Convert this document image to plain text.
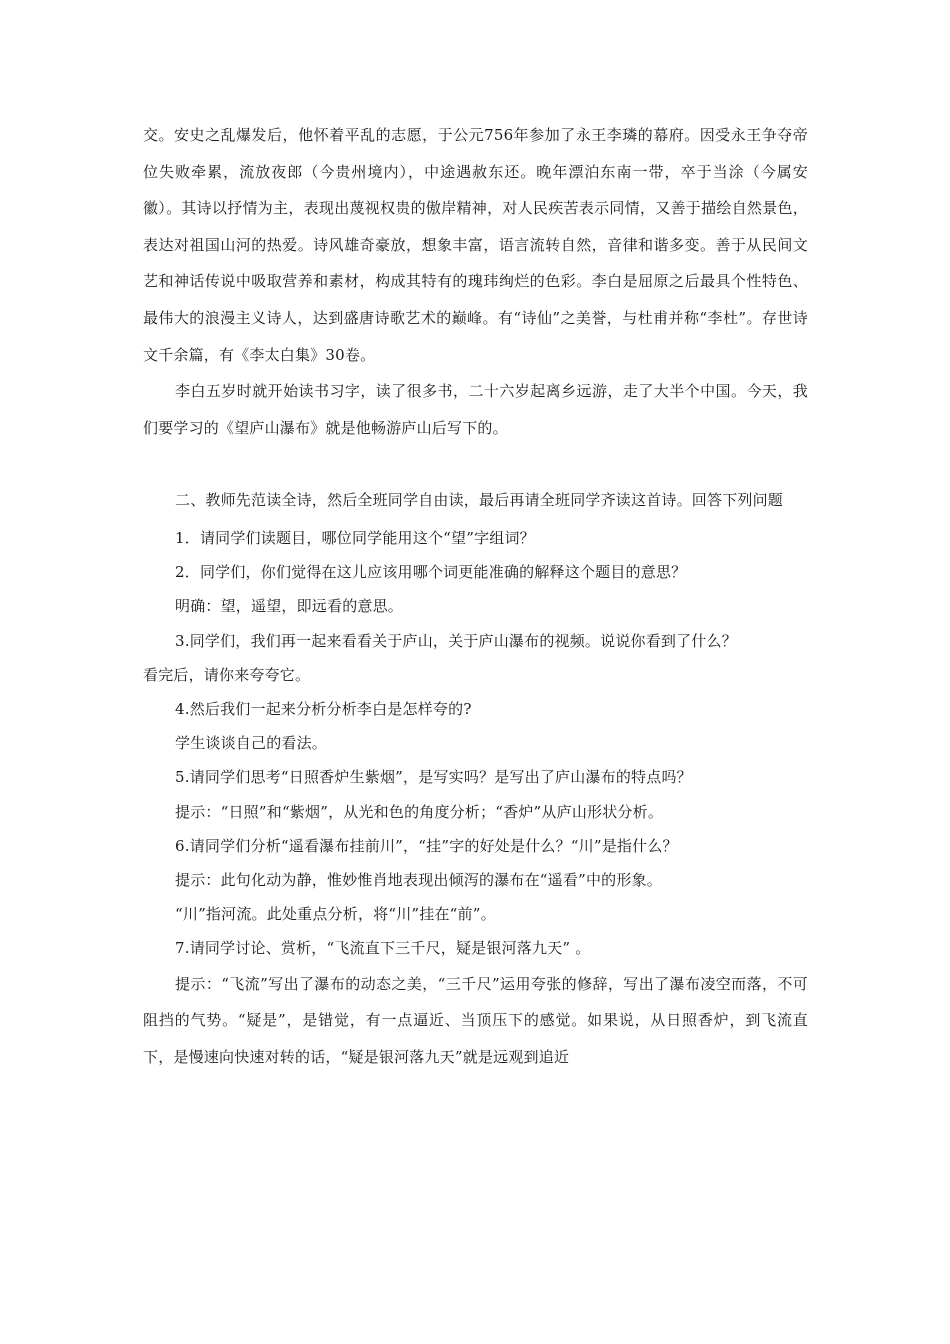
交。安史之乱爆发后，他怀着平乱的志愿，于公元756年参加了永王李璘的幕府。因受永王争夺帝位失败牵累，流放夜郎（今贵州境内），中途遇赦东还。晚年漂泊东南一带，卒于当涂（今属安徽）。其诗以抒情为主，表现出蔑视权贵的傲岸精神，对人民疾苦表示同情，又善于描绘自然景色，表达对祖国山河的热爱。诗风雄奇豪放，想象丰富，语言流转自然，音律和谐多变。善于从民间文艺和神话传说中吸取营养和素材，构成其特有的瑰玮绚烂的色彩。李白是屈原之后最具个性特色、最伟大的浪漫主义诗人，达到盛唐诗歌艺术的巅峰。有“诗仙”之美誉，与杜甫并称“李杜”。存世诗文千余篇，有《李太白集》30卷。

李白五岁时就开始读书习字，读了很多书，二十六岁起离乡远游，走了大半个中国。今天，我们要学习的《望庐山瀑布》就是他畅游庐山后写下的。

二、教师先范读全诗，然后全班同学自由读，最后再请全班同学齐读这首诗。回答下列问题

1．请同学们读题目，哪位同学能用这个“望”字组词？

2．同学们，你们觉得在这儿应该用哪个词更能准确的解释这个题目的意思？

明确：望，遥望，即远看的意思。

3.同学们，我们再一起来看看关于庐山，关于庐山瀑布的视频。说说你看到了什么？

看完后，请你来夸夸它。

4.然后我们一起来分析分析李白是怎样夸的?

学生谈谈自己的看法。

5.请同学们思考“日照香炉生紫烟”，是写实吗？是写出了庐山瀑布的特点吗？

提示：“日照”和“紫烟”，从光和色的角度分析；“香炉”从庐山形状分析。

6.请同学们分析“遥看瀑布挂前川”，“挂”字的好处是什么？“川”是指什么？

提示：此句化动为静，惟妙惟肖地表现出倾泻的瀑布在“遥看”中的形象。

“川”指河流。此处重点分析，将“川”挂在“前”。

7.请同学讨论、赏析，“飞流直下三千尺，疑是银河落九天” 。

提示：“飞流”写出了瀑布的动态之美，“三千尺”运用夸张的修辞，写出了瀑布凌空而落，不可阻挡的气势。“疑是”，是错觉，有一点逼近、当顶压下的感觉。如果说，从日照香炉，到飞流直下，是慢速向快速对转的话，“疑是银河落九天”就是远观到追近
